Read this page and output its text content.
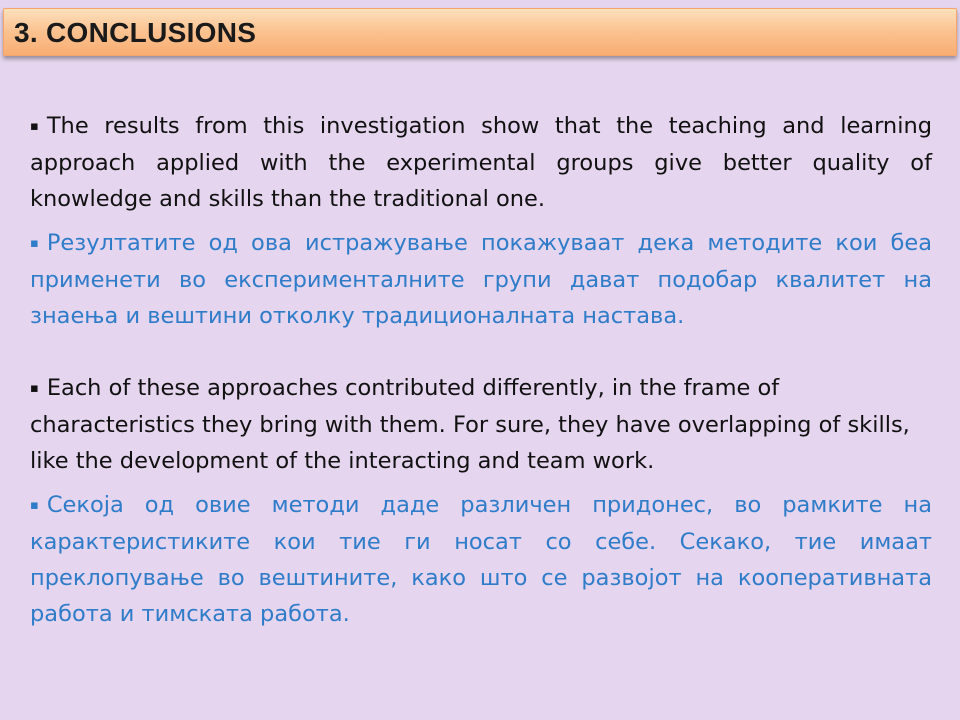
3. CONCLUSIONS

▪ The results from this investigation show that the teaching and learning approach applied with the experimental groups give better quality of knowledge and skills than the traditional one.

▪ Резултатите од ова истражување покажуваат дека методите кои беа применети во експерименталните групи дават подобар квалитет на знаења и вештини отколку традиционалната настава.

▪ Each of these approaches contributed differently, in the frame of characteristics they bring with them. For sure, they have overlapping of skills, like the development of the interacting and team work.

▪ Секоја од овие методи даде различен придонес, во рамките на карактеристиките кои тие ги носат со себе. Секако, тие имаат преклопување во вештините, како што се развојот на кооперативната работа и тимската работа.
